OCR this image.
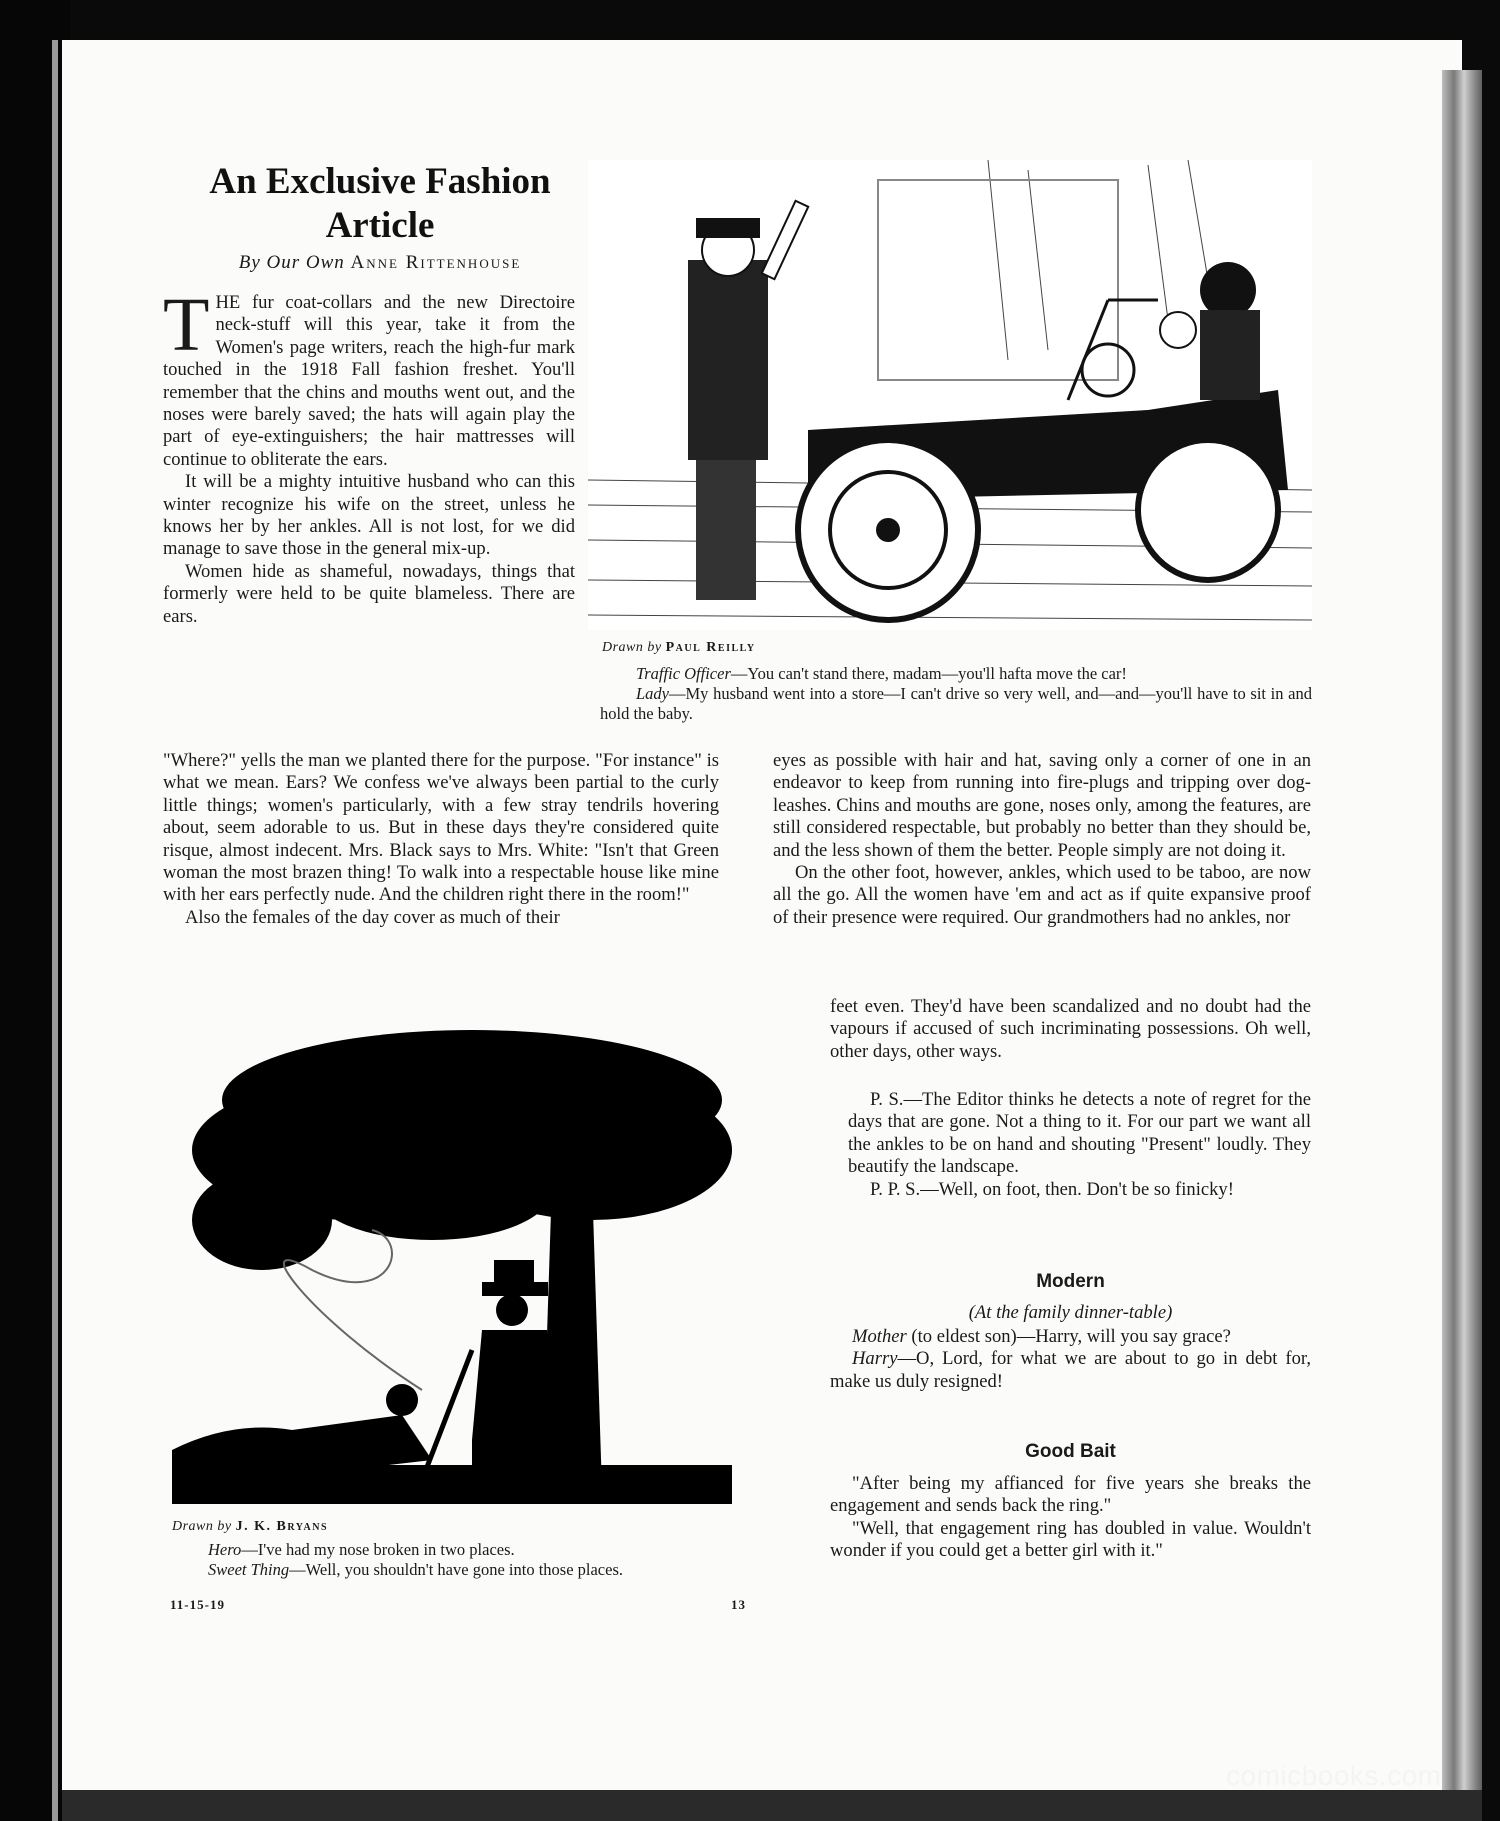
An Exclusive Fashion Article
By Our Own Anne Rittenhouse

THE fur coat-collars and the new Directoire neck-stuff will this year, take it from the Women's page writers, reach the high-fur mark touched in the 1918 Fall fashion freshet. You'll remember that the chins and mouths went out, and the noses were barely saved; the hats will again play the part of eye-extinguishers; the hair mattresses will continue to obliterate the ears.

It will be a mighty intuitive husband who can this winter recognize his wife on the street, unless he knows her by her ankles. All is not lost, for we did manage to save those in the general mix-up.

Women hide as shameful, nowadays, things that formerly were held to be quite blameless. There are ears.

"Where?" yells the man we planted there for the purpose. "For instance" is what we mean. Ears? We confess we've always been partial to the curly little things; women's particularly, with a few stray tendrils hovering about, seem adorable to us. But in these days they're considered quite risque, almost indecent. Mrs. Black says to Mrs. White: "Isn't that Green woman the most brazen thing! To walk into a respectable house like mine with her ears perfectly nude. And the children right there in the room!"

Also the females of the day cover as much of their

eyes as possible with hair and hat, saving only a corner of one in an endeavor to keep from running into fire-plugs and tripping over dog-leashes. Chins and mouths are gone, noses only, among the features, are still considered respectable, but probably no better than they should be, and the less shown of them the better. People simply are not doing it.

On the other foot, however, ankles, which used to be taboo, are now all the go. All the women have 'em and act as if quite expansive proof of their presence were required. Our grandmothers had no ankles, nor

feet even. They'd have been scandalized and no doubt had the vapours if accused of such incriminating possessions. Oh well, other days, other ways.

P. S.—The Editor thinks he detects a note of regret for the days that are gone. Not a thing to it. For our part we want all the ankles to be on hand and shouting "Present" loudly. They beautify the landscape.

P. P. S.—Well, on foot, then. Don't be so finicky!

Drawn by Paul Reilly

Traffic Officer—You can't stand there, madam—you'll hafta move the car!

Lady—My husband went into a store—I can't drive so very well, and—and—you'll have to sit in and hold the baby.

Drawn by J. K. Bryans

Hero—I've had my nose broken in two places.

Sweet Thing—Well, you shouldn't have gone into those places.

Modern
(At the family dinner-table)

Mother (to eldest son)—Harry, will you say grace?

Harry—O, Lord, for what we are about to go in debt for, make us duly resigned!

Good Bait

"After being my affianced for five years she breaks the engagement and sends back the ring."

"Well, that engagement ring has doubled in value. Wouldn't wonder if you could get a better girl with it."

11-15-19	13
comicbooks.com
